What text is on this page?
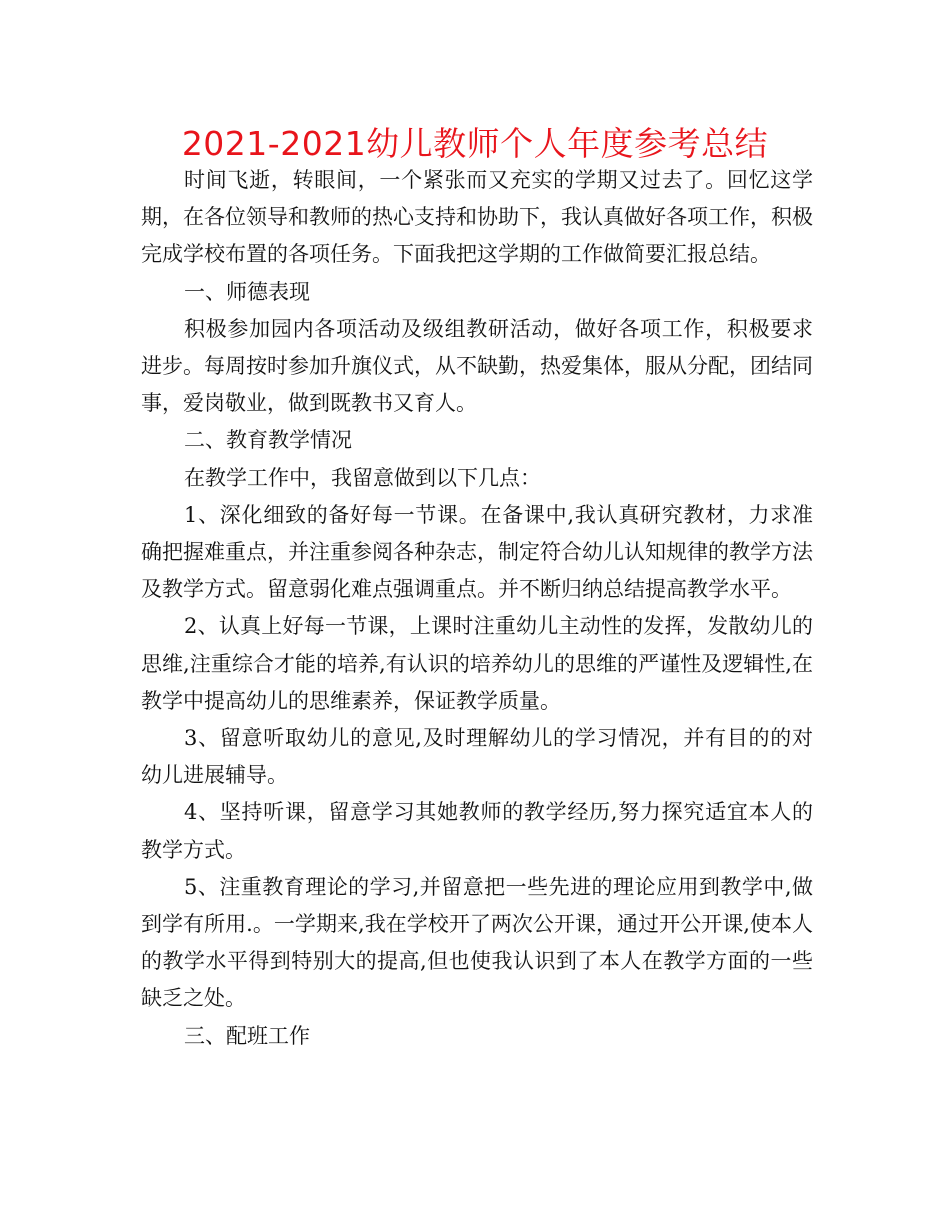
2021-2021幼儿教师个人年度参考总结

时间飞逝，转眼间，一个紧张而又充实的学期又过去了。回忆这学期，在各位领导和教师的热心支持和协助下，我认真做好各项工作，积极完成学校布置的各项任务。下面我把这学期的工作做简要汇报总结。

一、师德表现

积极参加园内各项活动及级组教研活动，做好各项工作，积极要求进步。每周按时参加升旗仪式，从不缺勤，热爱集体，服从分配，团结同事，爱岗敬业，做到既教书又育人。

二、教育教学情况

在教学工作中，我留意做到以下几点：

1、深化细致的备好每一节课。在备课中,我认真研究教材，力求准确把握难重点，并注重参阅各种杂志，制定符合幼儿认知规律的教学方法及教学方式。留意弱化难点强调重点。并不断归纳总结提高教学水平。

2、认真上好每一节课，上课时注重幼儿主动性的发挥，发散幼儿的思维,注重综合才能的培养,有认识的培养幼儿的思维的严谨性及逻辑性,在教学中提高幼儿的思维素养，保证教学质量。

3、留意听取幼儿的意见,及时理解幼儿的学习情况，并有目的的对幼儿进展辅导。

4、坚持听课，留意学习其她教师的教学经历,努力探究适宜本人的教学方式。

5、注重教育理论的学习,并留意把一些先进的理论应用到教学中,做到学有所用.。一学期来,我在学校开了两次公开课，通过开公开课,使本人的教学水平得到特别大的提高,但也使我认识到了本人在教学方面的一些缺乏之处。

三、配班工作
